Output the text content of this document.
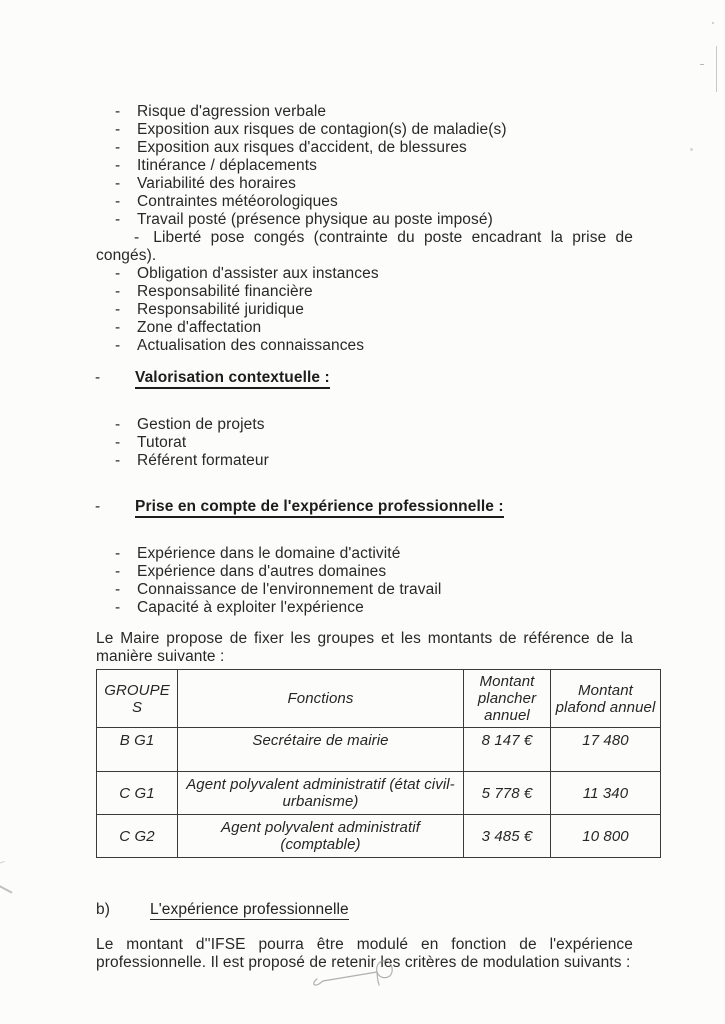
- Risque d'agression verbale
- Exposition aux risques de contagion(s) de maladie(s)
- Exposition aux risques d'accident, de blessures
- Itinérance / déplacements
- Variabilité des horaires
- Contraintes météorologiques
- Travail posté (présence physique au poste imposé)
- Liberté pose congés (contrainte du poste encadrant la prise de congés).
- Obligation d'assister aux instances
- Responsabilité financière
- Responsabilité juridique
- Zone d'affectation
- Actualisation des connaissances
- Valorisation contextuelle :
- Gestion de projets
- Tutorat
- Référent formateur
- Prise en compte de l'expérience professionnelle :
- Expérience dans le domaine d'activité
- Expérience dans d'autres domaines
- Connaissance de l'environnement de travail
- Capacité à exploiter l'expérience

Le Maire propose de fixer les groupes et les montants de référence de la manière suivante :

GROUPES	Fonctions	Montant plancher annuel	Montant plafond annuel
B G1	Secrétaire de mairie	8 147 €	17 480
C G1	Agent polyvalent administratif (état civil-urbanisme)	5 778 €	11 340
C G2	Agent polyvalent administratif (comptable)	3 485 €	10 800
b)	L'expérience professionnelle

Le montant d''IFSE pourra être modulé en fonction de l'expérience professionnelle. Il est proposé de retenir les critères de modulation suivants :
